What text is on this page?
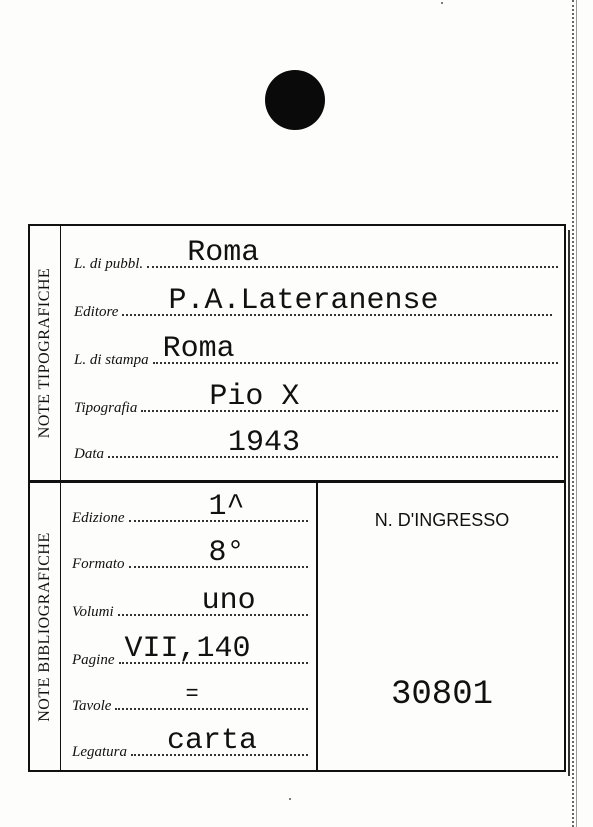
NOTE TIPOGRAFICHE
NOTE BIBLIOGRAFICHE
L. di pubbl. Roma
Editore P.A.Lateranense
L. di stampa Roma
Tipografia Pio X
Data	1943
Edizione	1^
Formato	8°
Volumi	uno
Pagine VII,140
Tavole	=
Legatura carta
N. D'INGRESSO
30801
